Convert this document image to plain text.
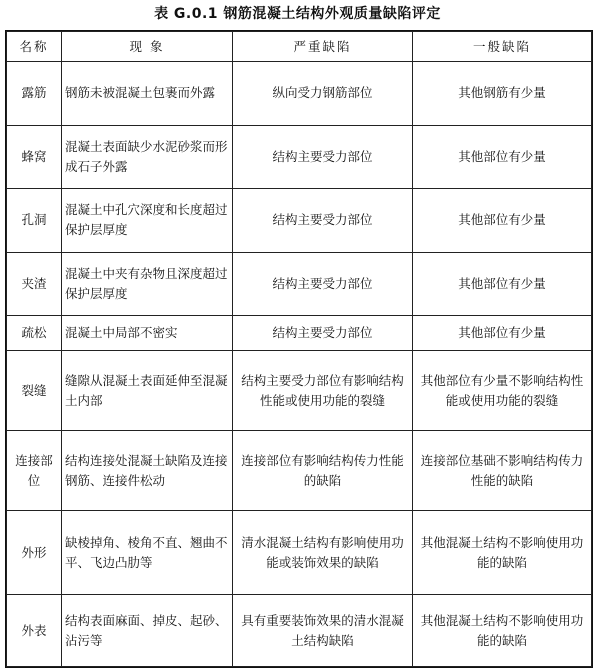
表 G.0.1 钢筋混凝土结构外观质量缺陷评定
名称	现 象	严重缺陷	一般缺陷
露筋	钢筋未被混凝土包裹而外露	纵向受力钢筋部位	其他钢筋有少量
蜂窝	混凝土表面缺少水泥砂浆而形成石子外露	结构主要受力部位	其他部位有少量
孔洞	混凝土中孔穴深度和长度超过保护层厚度	结构主要受力部位	其他部位有少量
夹渣	混凝土中夹有杂物且深度超过保护层厚度	结构主要受力部位	其他部位有少量
疏松	混凝土中局部不密实	结构主要受力部位	其他部位有少量
裂缝	缝隙从混凝土表面延伸至混凝土内部	结构主要受力部位有影响结构性能或使用功能的裂缝	其他部位有少量不影响结构性能或使用功能的裂缝
连接部位	结构连接处混凝土缺陷及连接钢筋、连接件松动	连接部位有影响结构传力性能的缺陷	连接部位基础不影响结构传力性能的缺陷
外形	缺棱掉角、棱角不直、翘曲不平、飞边凸肋等	清水混凝土结构有影响使用功能或装饰效果的缺陷	其他混凝土结构不影响使用功能的缺陷
外表	结构表面麻面、掉皮、起砂、沾污等	具有重要装饰效果的清水混凝土结构缺陷	其他混凝土结构不影响使用功能的缺陷
